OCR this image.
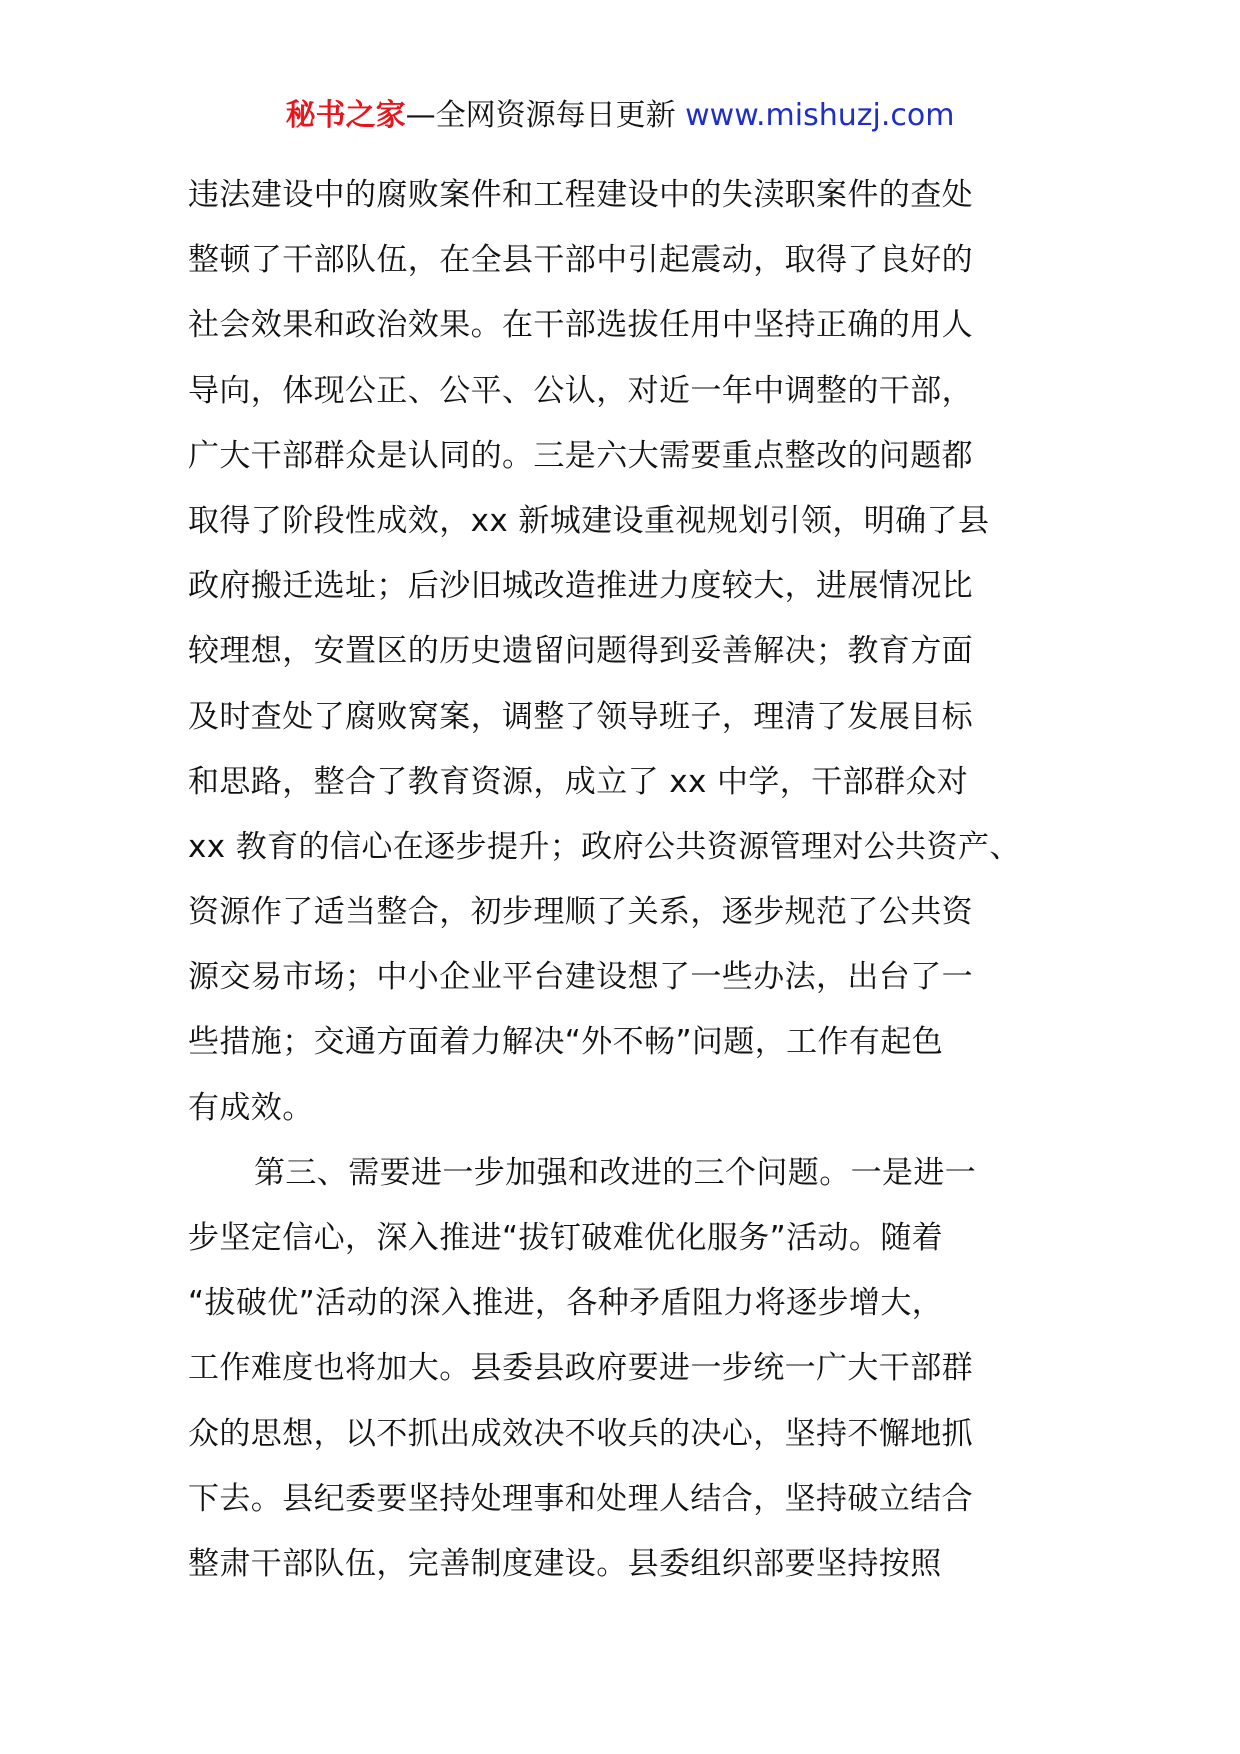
秘书之家—全网资源每日更新 www.mishuzj.com
违法建设中的腐败案件和工程建设中的失渎职案件的查处
整顿了干部队伍，在全县干部中引起震动，取得了良好的
社会效果和政治效果。在干部选拔任用中坚持正确的用人
导向，体现公正、公平、公认，对近一年中调整的干部，
广大干部群众是认同的。三是六大需要重点整改的问题都
取得了阶段性成效，xx 新城建设重视规划引领，明确了县
政府搬迁选址；后沙旧城改造推进力度较大，进展情况比
较理想，安置区的历史遗留问题得到妥善解决；教育方面
及时查处了腐败窝案，调整了领导班子，理清了发展目标
和思路，整合了教育资源，成立了 xx 中学，干部群众对
xx 教育的信心在逐步提升；政府公共资源管理对公共资产、
资源作了适当整合，初步理顺了关系，逐步规范了公共资
源交易市场；中小企业平台建设想了一些办法，出台了一
些措施；交通方面着力解决“外不畅”问题，工作有起色
有成效。
第三、需要进一步加强和改进的三个问题。一是进一
步坚定信心，深入推进“拔钉破难优化服务”活动。随着
“拔破优”活动的深入推进，各种矛盾阻力将逐步增大，
工作难度也将加大。县委县政府要进一步统一广大干部群
众的思想，以不抓出成效决不收兵的决心，坚持不懈地抓
下去。县纪委要坚持处理事和处理人结合，坚持破立结合
整肃干部队伍，完善制度建设。县委组织部要坚持按照
